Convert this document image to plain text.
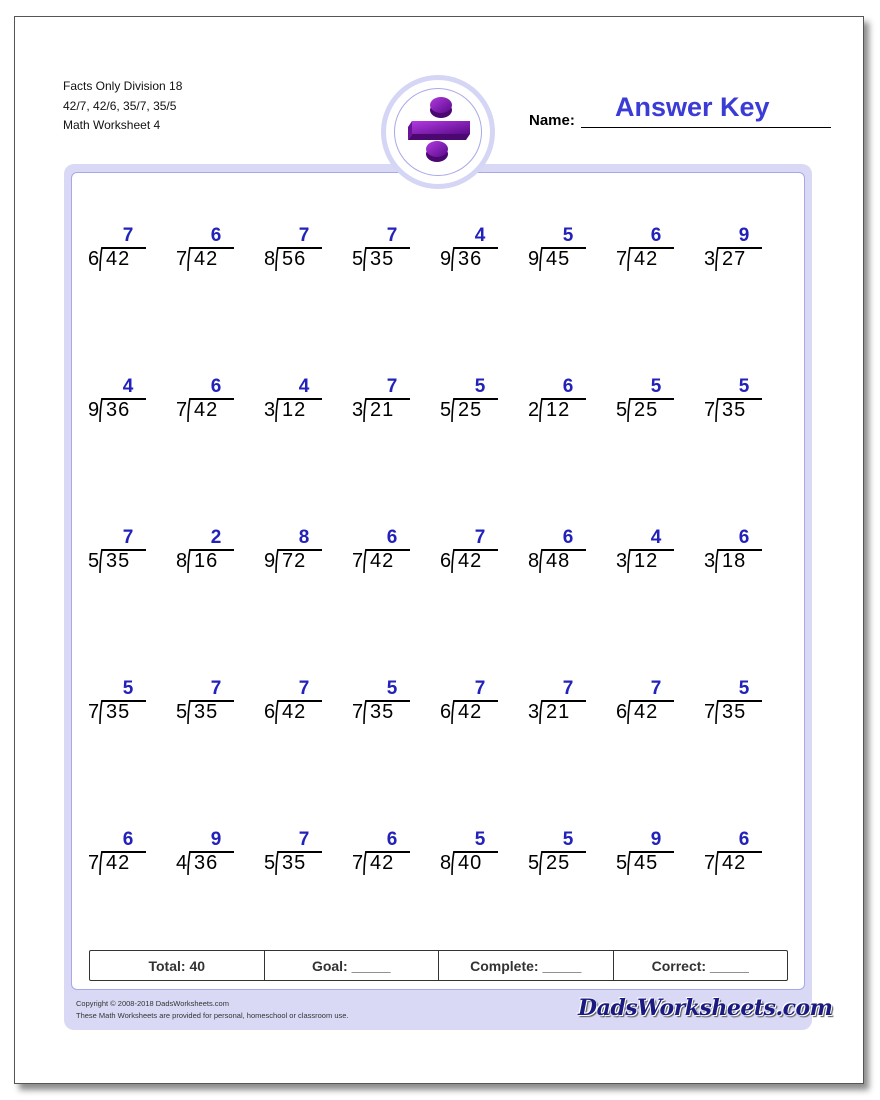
Facts Only Division 18
42/7, 42/6, 35/7, 35/5
Math Worksheet 4	Name: Answer Key
7
6 42
6
7 42
7
8 56
7
5 35
4
9 36
5
9 45
6
7 42
9
3 27
4
9 36
6
7 42
4
3 12
7
3 21
5
5 25
6
2 12
5
5 25
5
7 35
7
5 35
2
8 16
8
9 72
6
7 42
7
6 42
6
8 48
4
3 12
6
3 18
5
7 35
7
5 35
7
6 42
5
7 35
7
6 42
7
3 21
7
6 42
5
7 35
6
7 42
9
4 36
7
5 35
6
7 42
5
8 40
5
5 25
9
5 45
6
7 42
Total: 40	Goal: _____	Complete: _____	Correct: _____
Copyright © 2008-2018 DadsWorksheets.com
These Math Worksheets are provided for personal, homeschool or classroom use.	DadsWorksheets.com
